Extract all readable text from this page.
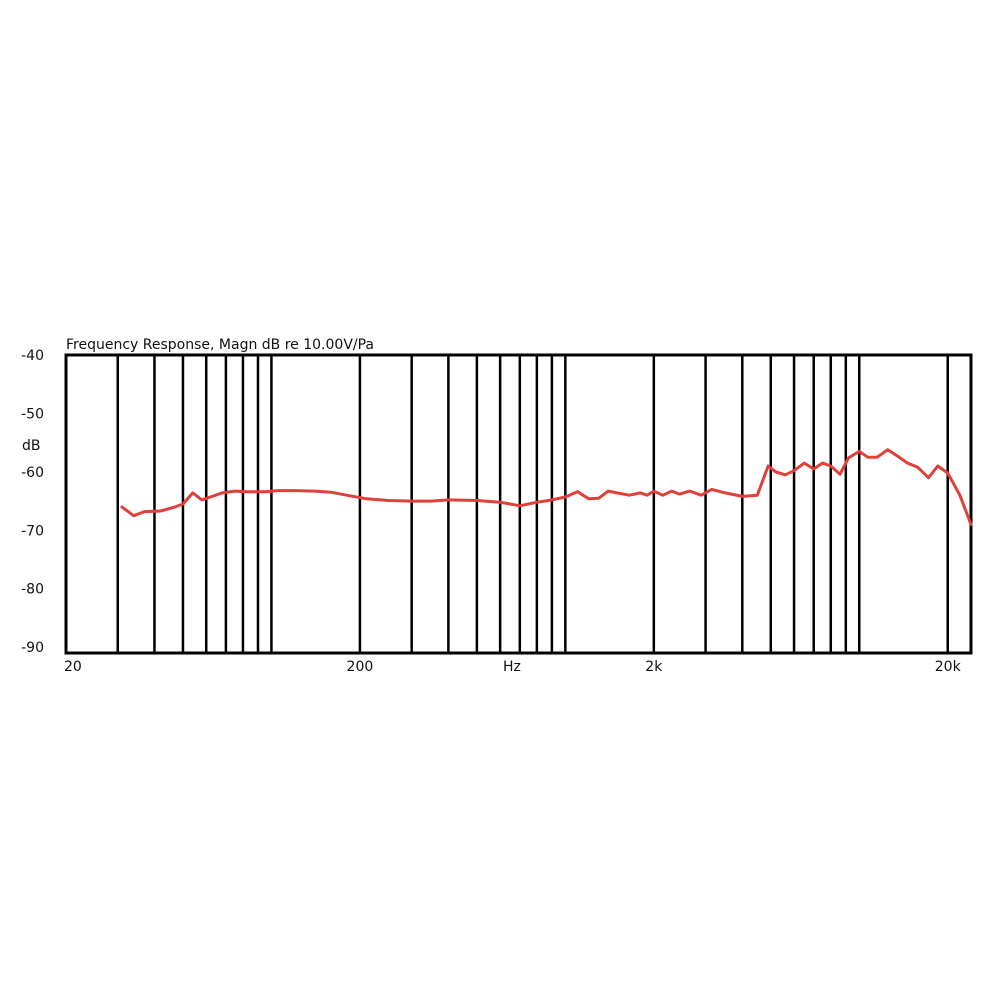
Frequency Response, Magn dB re 10.00V/Pa
dB
Hz
-40
-50
-60
-70
-80
-90
20	200	2k	20k
